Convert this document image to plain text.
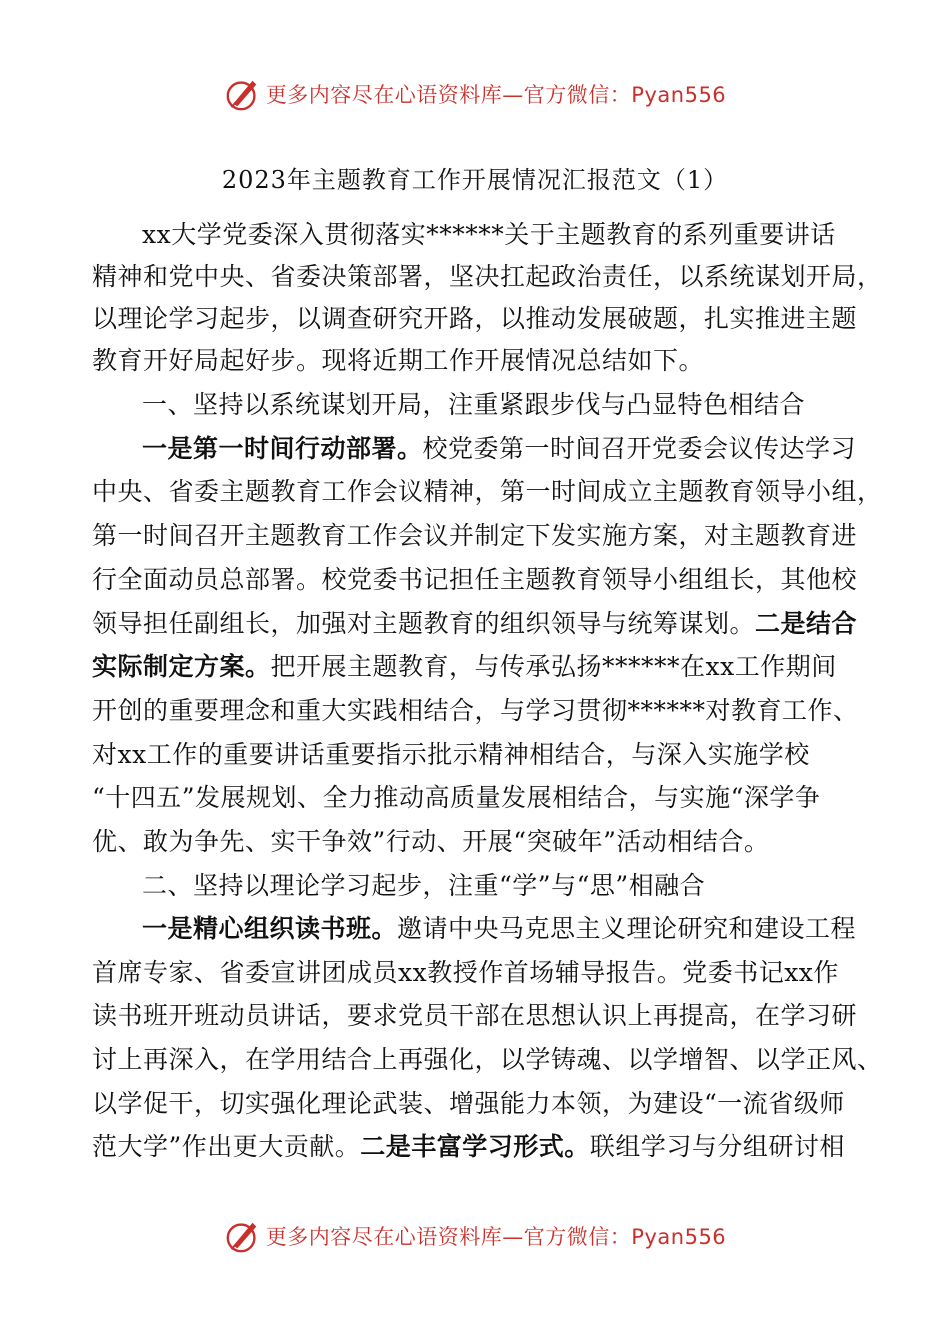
更多内容尽在心语资料库—官方微信：Pyan556
2023年主题教育工作开展情况汇报范文（1）
xx大学党委深入贯彻落实******关于主题教育的系列重要讲话
精神和党中央、省委决策部署，坚决扛起政治责任，以系统谋划开局，
以理论学习起步，以调查研究开路，以推动发展破题，扎实推进主题
教育开好局起好步。现将近期工作开展情况总结如下。
一、坚持以系统谋划开局，注重紧跟步伐与凸显特色相结合
一是第一时间行动部署。校党委第一时间召开党委会议传达学习
中央、省委主题教育工作会议精神，第一时间成立主题教育领导小组，
第一时间召开主题教育工作会议并制定下发实施方案，对主题教育进
行全面动员总部署。校党委书记担任主题教育领导小组组长，其他校
领导担任副组长，加强对主题教育的组织领导与统筹谋划。二是结合
实际制定方案。把开展主题教育，与传承弘扬******在xx工作期间
开创的重要理念和重大实践相结合，与学习贯彻******对教育工作、
对xx工作的重要讲话重要指示批示精神相结合，与深入实施学校
“十四五”发展规划、全力推动高质量发展相结合，与实施“深学争
优、敢为争先、实干争效”行动、开展“突破年”活动相结合。
二、坚持以理论学习起步，注重“学”与“思”相融合
一是精心组织读书班。邀请中央马克思主义理论研究和建设工程
首席专家、省委宣讲团成员xx教授作首场辅导报告。党委书记xx作
读书班开班动员讲话，要求党员干部在思想认识上再提高，在学习研
讨上再深入，在学用结合上再强化，以学铸魂、以学增智、以学正风、
以学促干，切实强化理论武装、增强能力本领，为建设“一流省级师
范大学”作出更大贡献。二是丰富学习形式。联组学习与分组研讨相
更多内容尽在心语资料库—官方微信：Pyan556
